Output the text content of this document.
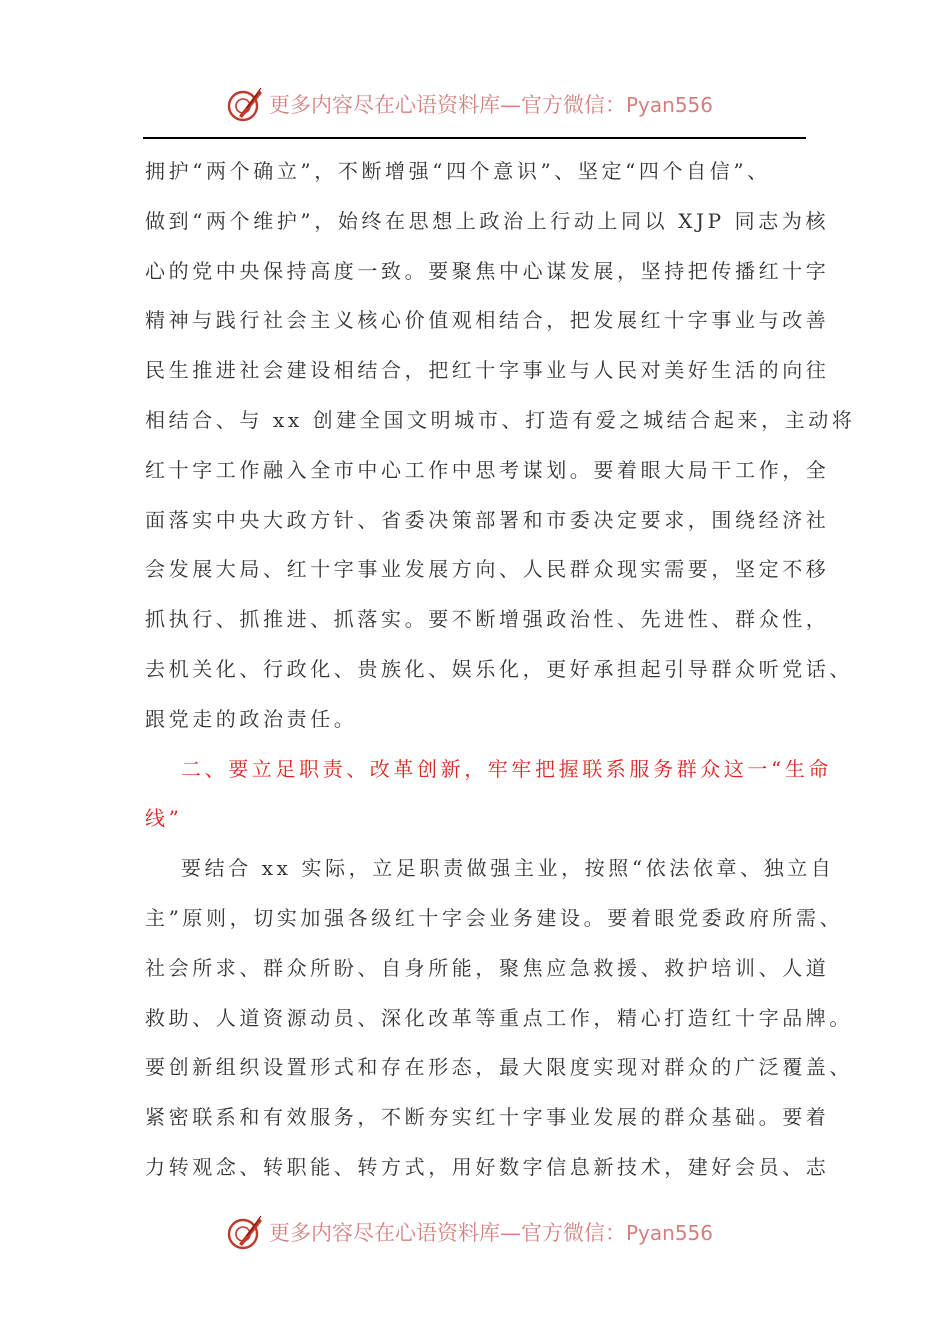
更多内容尽在心语资料库—官方微信：Pyan556
拥护“两个确立”，不断增强“四个意识”、坚定“四个自信”、
做到“两个维护”，始终在思想上政治上行动上同以 XJP 同志为核
心的党中央保持高度一致。要聚焦中心谋发展，坚持把传播红十字
精神与践行社会主义核心价值观相结合，把发展红十字事业与改善
民生推进社会建设相结合，把红十字事业与人民对美好生活的向往
相结合、与 xx 创建全国文明城市、打造有爱之城结合起来，主动将
红十字工作融入全市中心工作中思考谋划。要着眼大局干工作，全
面落实中央大政方针、省委决策部署和市委决定要求，围绕经济社
会发展大局、红十字事业发展方向、人民群众现实需要，坚定不移
抓执行、抓推进、抓落实。要不断增强政治性、先进性、群众性，
去机关化、行政化、贵族化、娱乐化，更好承担起引导群众听党话、
跟党走的政治责任。
二、要立足职责、改革创新，牢牢把握联系服务群众这一“生命
线”
要结合 xx 实际，立足职责做强主业，按照“依法依章、独立自
主”原则，切实加强各级红十字会业务建设。要着眼党委政府所需、
社会所求、群众所盼、自身所能，聚焦应急救援、救护培训、人道
救助、人道资源动员、深化改革等重点工作，精心打造红十字品牌。
要创新组织设置形式和存在形态，最大限度实现对群众的广泛覆盖、
紧密联系和有效服务，不断夯实红十字事业发展的群众基础。要着
力转观念、转职能、转方式，用好数字信息新技术，建好会员、志
更多内容尽在心语资料库—官方微信：Pyan556
